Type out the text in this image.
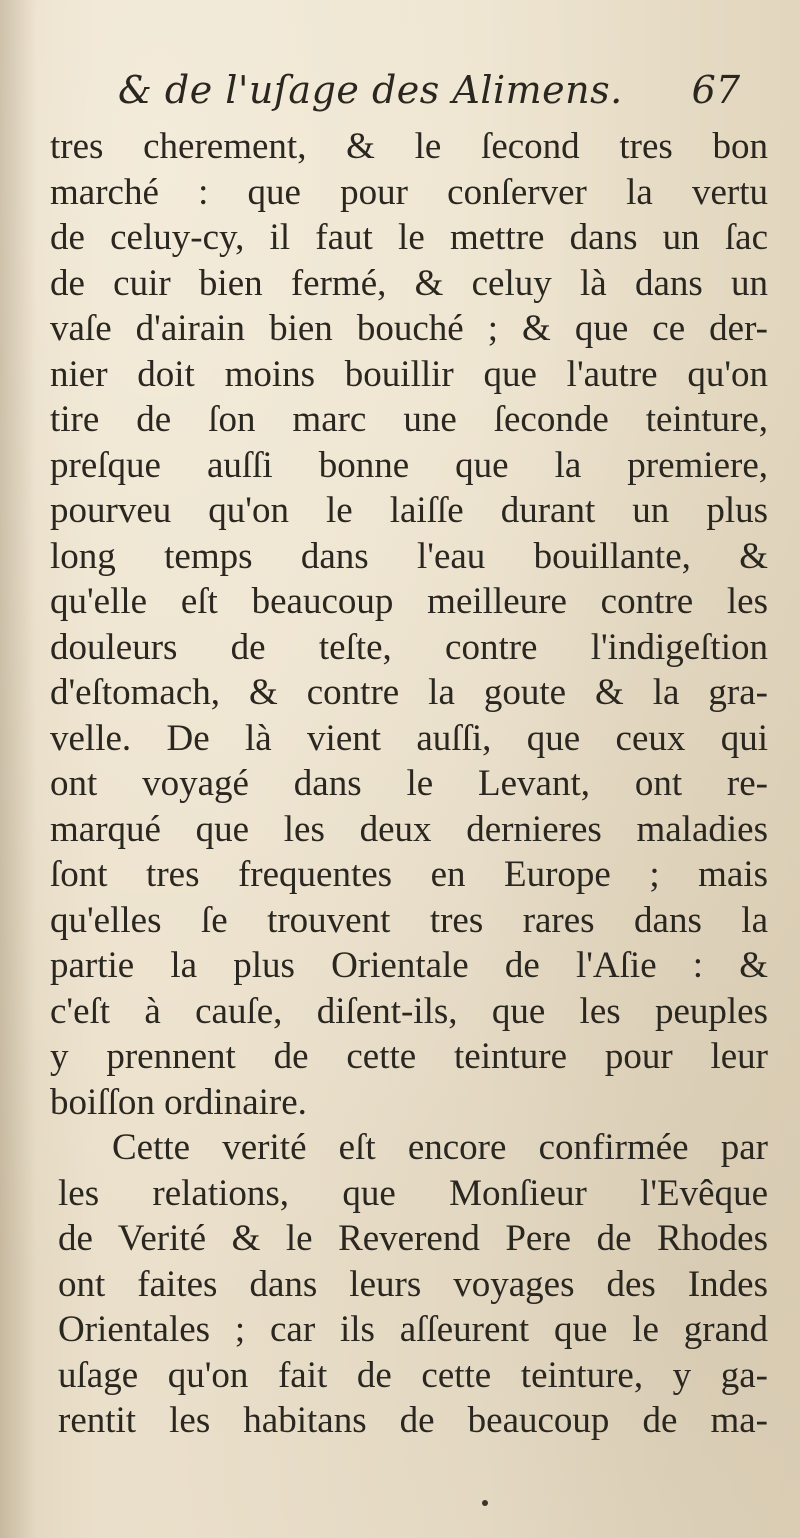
& de l'uſage des Alimens. 67
tres cherement, & le ſecond tres bon
marché : que pour conſerver la vertu
de celuy-cy, il faut le mettre dans un ſac
de cuir bien fermé, & celuy là dans un
vaſe d'airain bien bouché ; & que ce der-
nier doit moins bouillir que l'autre qu'on
tire de ſon marc une ſeconde teinture,
preſque auſſi bonne que la premiere,
pourveu qu'on le laiſſe durant un plus
long temps dans l'eau bouillante, &
qu'elle eſt beaucoup meilleure contre les
douleurs de teſte, contre l'indigeſtion
d'eſtomach, & contre la goute & la gra-
velle. De là vient auſſi, que ceux qui
ont voyagé dans le Levant, ont re-
marqué que les deux dernieres maladies
ſont tres frequentes en Europe ; mais
qu'elles ſe trouvent tres rares dans la
partie la plus Orientale de l'Aſie : &
c'eſt à cauſe, diſent-ils, que les peuples
y prennent de cette teinture pour leur
boiſſon ordinaire.
Cette verité eſt encore confirmée par
les relations, que Monſieur l'Evêque
de Verité & le Reverend Pere de Rhodes
ont faites dans leurs voyages des Indes
Orientales ; car ils aſſeurent que le grand
uſage qu'on fait de cette teinture, y ga-
rentit les habitans de beaucoup de ma-
